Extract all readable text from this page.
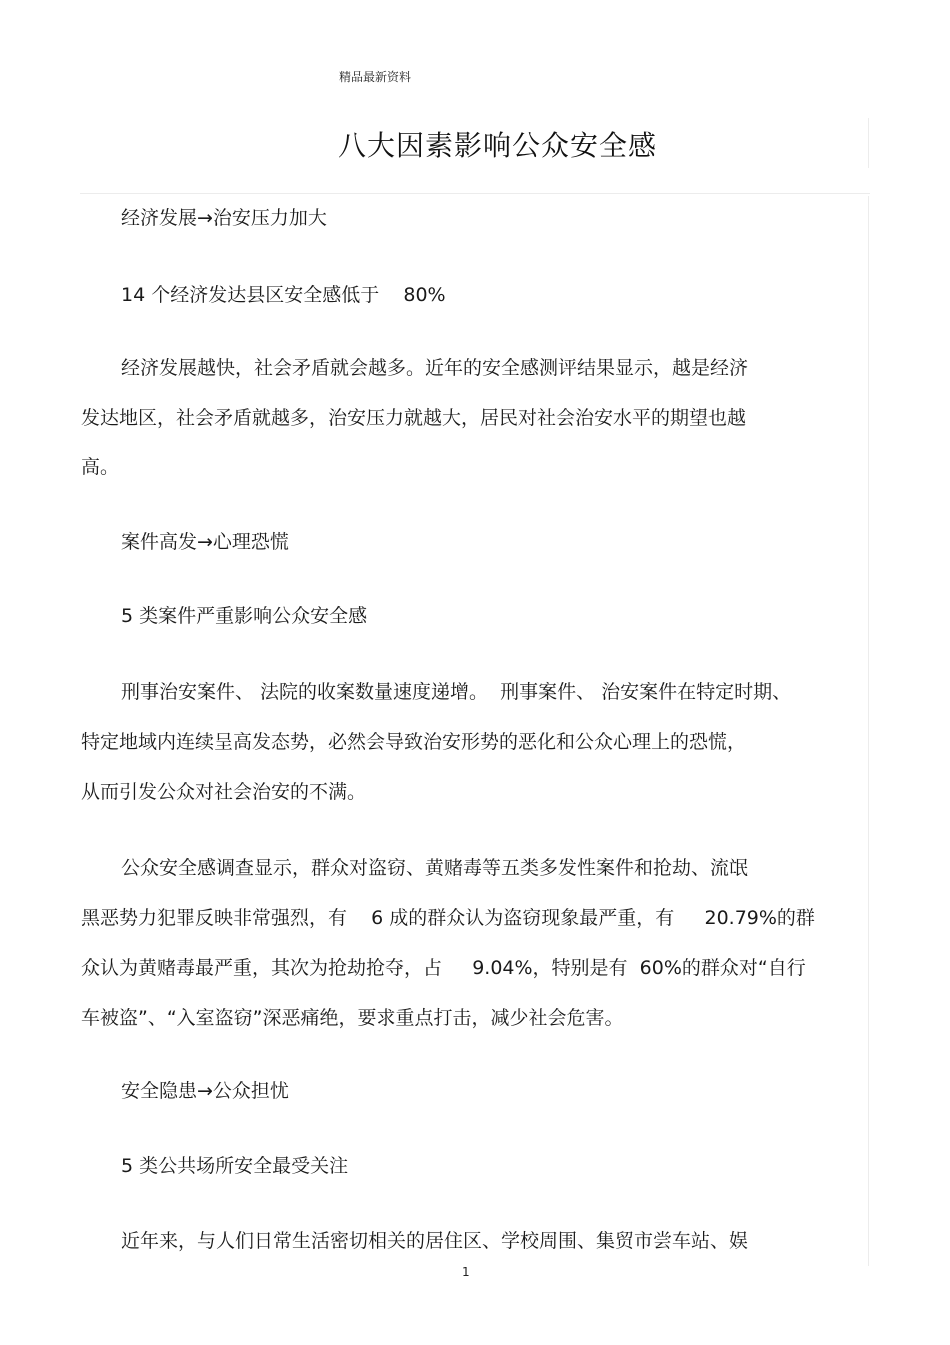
精品最新资料
八大因素影响公众安全感
经济发展→治安压力加大
14 个经济发达县区安全感低于    80%
经济发展越快，社会矛盾就会越多。近年的安全感测评结果显示，越是经济
发达地区，社会矛盾就越多，治安压力就越大，居民对社会治安水平的期望也越
高。
案件高发→心理恐慌
5 类案件严重影响公众安全感
刑事治安案件、 法院的收案数量速度递增。  刑事案件、 治安案件在特定时期、
特定地域内连续呈高发态势，必然会导致治安形势的恶化和公众心理上的恐慌，
从而引发公众对社会治安的不满。
公众安全感调查显示，群众对盗窃、黄赌毒等五类多发性案件和抢劫、流氓
黑恶势力犯罪反映非常强烈，有    6 成的群众认为盗窃现象最严重，有     20.79%的群
众认为黄赌毒最严重，其次为抢劫抢夺，占     9.04%，特别是有  60%的群众对“自行
车被盗”、“入室盗窃”深恶痛绝，要求重点打击，减少社会危害。
安全隐患→公众担忧
5 类公共场所安全最受关注
近年来，与人们日常生活密切相关的居住区、学校周围、集贸市尝车站、娱
1
